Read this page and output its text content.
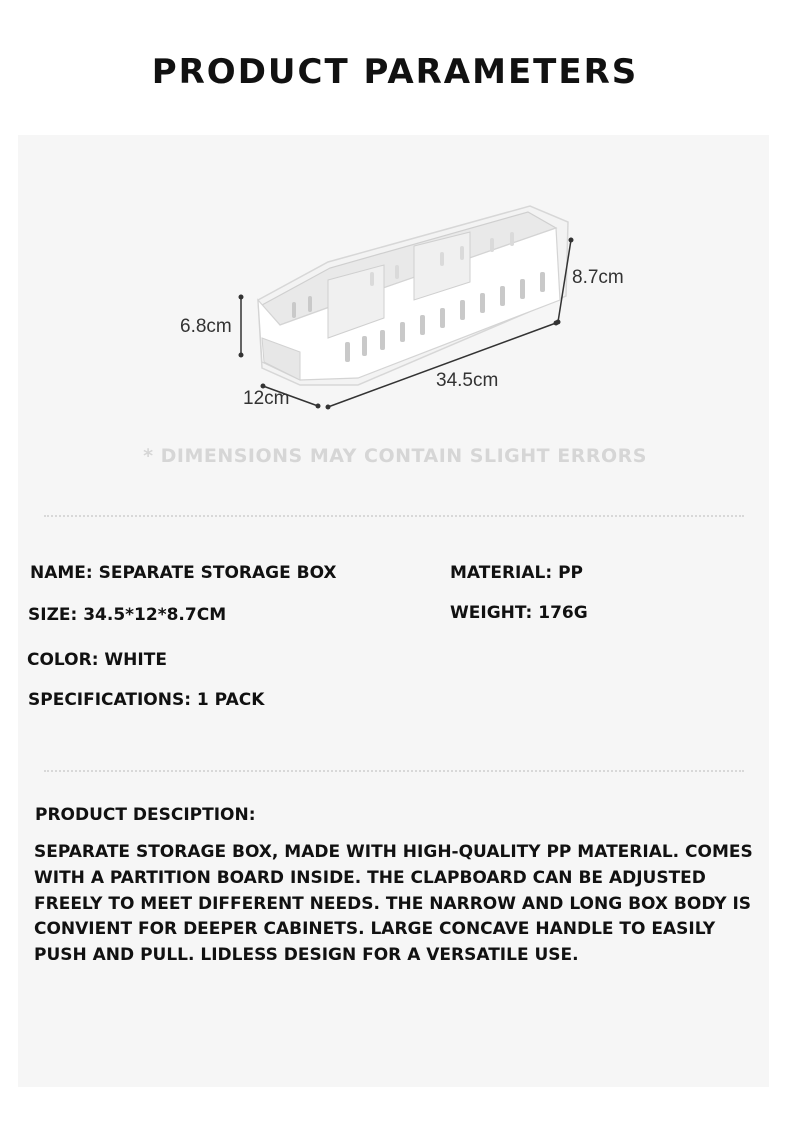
PRODUCT PARAMETERS
6.8cm
8.7cm
12cm
34.5cm
* DIMENSIONS MAY CONTAIN SLIGHT ERRORS
NAME: SEPARATE STORAGE BOX	MATERIAL: PP
SIZE: 34.5*12*8.7CM	WEIGHT: 176G
COLOR: WHITE
SPECIFICATIONS: 1 PACK
PRODUCT DESCIPTION:

SEPARATE STORAGE BOX, MADE WITH HIGH-QUALITY PP MATERIAL. COMES WITH A PARTITION BOARD INSIDE. THE CLAPBOARD CAN BE ADJUSTED FREELY TO MEET DIFFERENT NEEDS. THE NARROW AND LONG BOX BODY IS CONVIENT FOR DEEPER CABINETS. LARGE CONCAVE HANDLE TO EASILY PUSH AND PULL. LIDLESS DESIGN FOR A VERSATILE USE.
